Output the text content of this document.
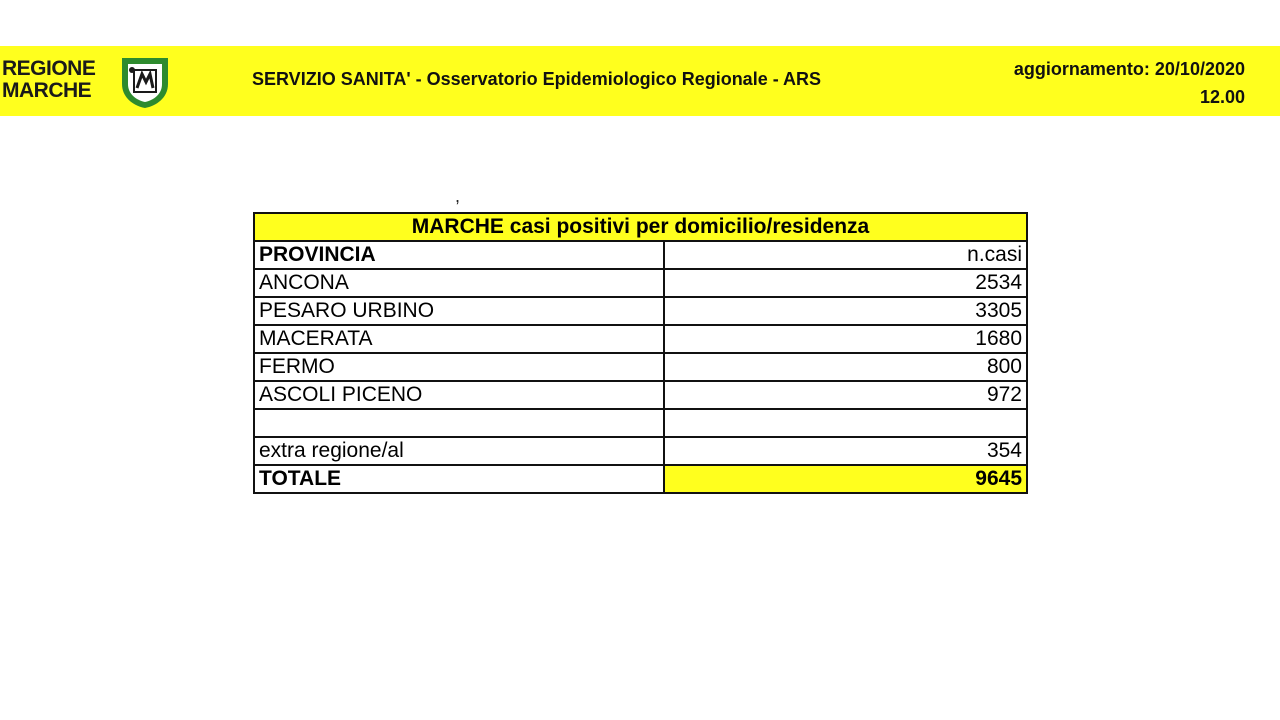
REGIONE
MARCHE	SERVIZIO SANITA' - Osservatorio Epidemiologico Regionale - ARS	aggiornamento: 20/10/2020
12.00
,
MARCHE casi positivi per domicilio/residenza	
PROVINCIA	n.casi
ANCONA	2534
PESARO URBINO	3305
MACERATA	1680
FERMO	800
ASCOLI PICENO	972

extra regione/al	354
TOTALE	9645
